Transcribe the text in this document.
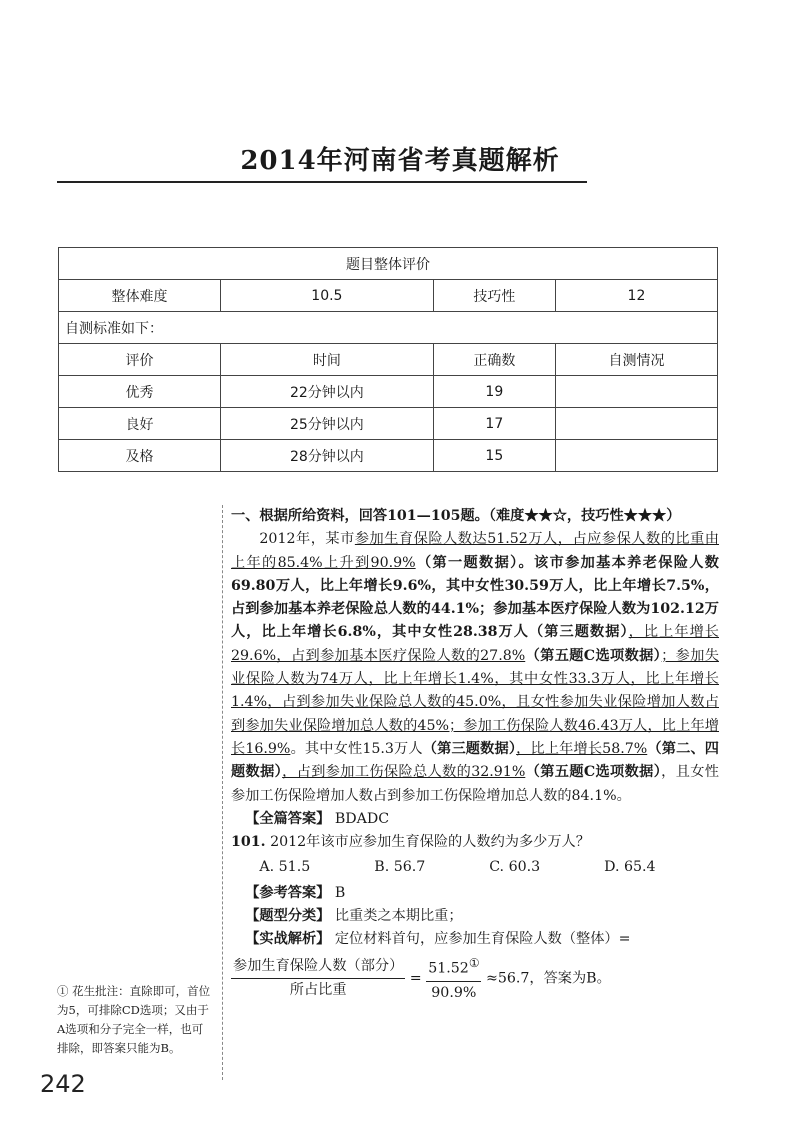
2014年河南省考真题解析
题目整体评价			
整体难度	10.5	技巧性	12
自测标准如下：			
评价	时间	正确数	自测情况
优秀	22分钟以内	19	
良好	25分钟以内	17	
及格	28分钟以内	15	

一、根据所给资料，回答101—105题。（难度★★☆，技巧性★★★）

2012年，某市参加生育保险人数达51.52万人，占应参保人数的比重由上年的85.4%上升到90.9%（第一题数据）。该市参加基本养老保险人数69.80万人，比上年增长9.6%，其中女性30.59万人，比上年增长7.5%，占到参加基本养老保险总人数的44.1%；参加基本医疗保险人数为102.12万人，比上年增长6.8%，其中女性28.38万人（第三题数据），比上年增长29.6%，占到参加基本医疗保险人数的27.8%（第五题C选项数据）；参加失业保险人数为74万人，比上年增长1.4%，其中女性33.3万人，比上年增长1.4%，占到参加失业保险总人数的45.0%，且女性参加失业保险增加人数占到参加失业保险增加总人数的45%；参加工伤保险人数46.43万人，比上年增长16.9%。其中女性15.3万人（第三题数据），比上年增长58.7%（第二、四题数据），占到参加工伤保险总人数的32.91%（第五题C选项数据），且女性参加工伤保险增加人数占到参加工伤保险增加总人数的84.1%。

【全篇答案】 BDADC

101. 2012年该市应参加生育保险的人数约为多少万人？

A. 51.5	B. 56.7	C. 60.3	D. 65.4

【参考答案】 B

【题型分类】 比重类之本期比重；

【实战解析】 定位材料首句，应参加生育保险人数（整体）=

$\frac{\text{参加生育保险人数（部分）}}{\text{所占比重}} = \frac{51.52^①}{90.9\%} \approx 56.7$，答案为B。

① 花生批注：直除即可，首位为5，可排除CD选项；又由于A选项和分子完全一样，也可排除，即答案只能为B。
242
